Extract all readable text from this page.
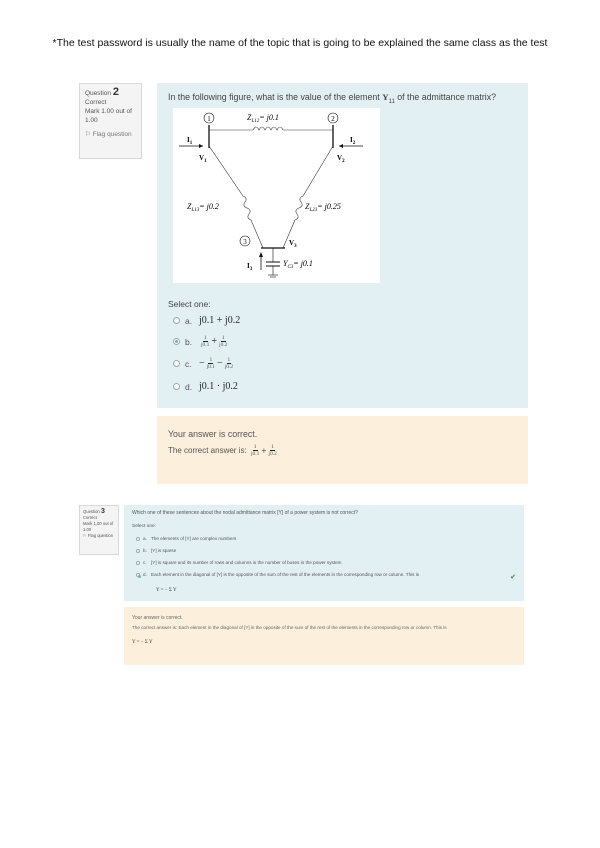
*The test password is usually the name of the topic that is going to be explained the same class as the test
Question 2
Correct
Mark 1.00 out of 1.00
⚐ Flag question
In the following figure, what is the value of the element $Y_{11}$ of the admittance matrix?
1	2
$Z_{L12}= j0.1$
$I_1$
$V_1$
$I_2$
$V_2$
$Z_{L13}= j0.2$	$Z_{L23}= j0.25$
3	$V_3$
$Y_{C3}= j0.1$
$I_3$
Select one:
a. j0.1 + j0.2
b.	$\frac{1}{j0.1} + \frac{1}{j0.2}$
c. − $\frac{1}{j0.1} - \frac{1}{j0.2}$
d. j0.1 · j0.2
Your answer is correct.
The correct answer is:
$\frac{1}{j0.1} + \frac{1}{j0.2}$
Question 3
Correct
Mark 1.00 out of 1.00
⚐ Flag question
Which one of these sentences about the nodal admittance matrix [Y] of a power system is not correct?
Select one:
a. The elements of [Y] are complex numbers
b. [Y] is sparse
c. [Y] is square and its number of rows and columns is the number of buses in the power system
d. Each element in the diagonal of [Y] is the opposite of the sum of the rest of the elements in the corresponding row or column. This is
Y = − Σ Y
✔
Your answer is correct.
The correct answer is: Each element in the diagonal of [Y] is the opposite of the sum of the rest of the elements in the corresponding row or column. This is
Y = − Σ Y
